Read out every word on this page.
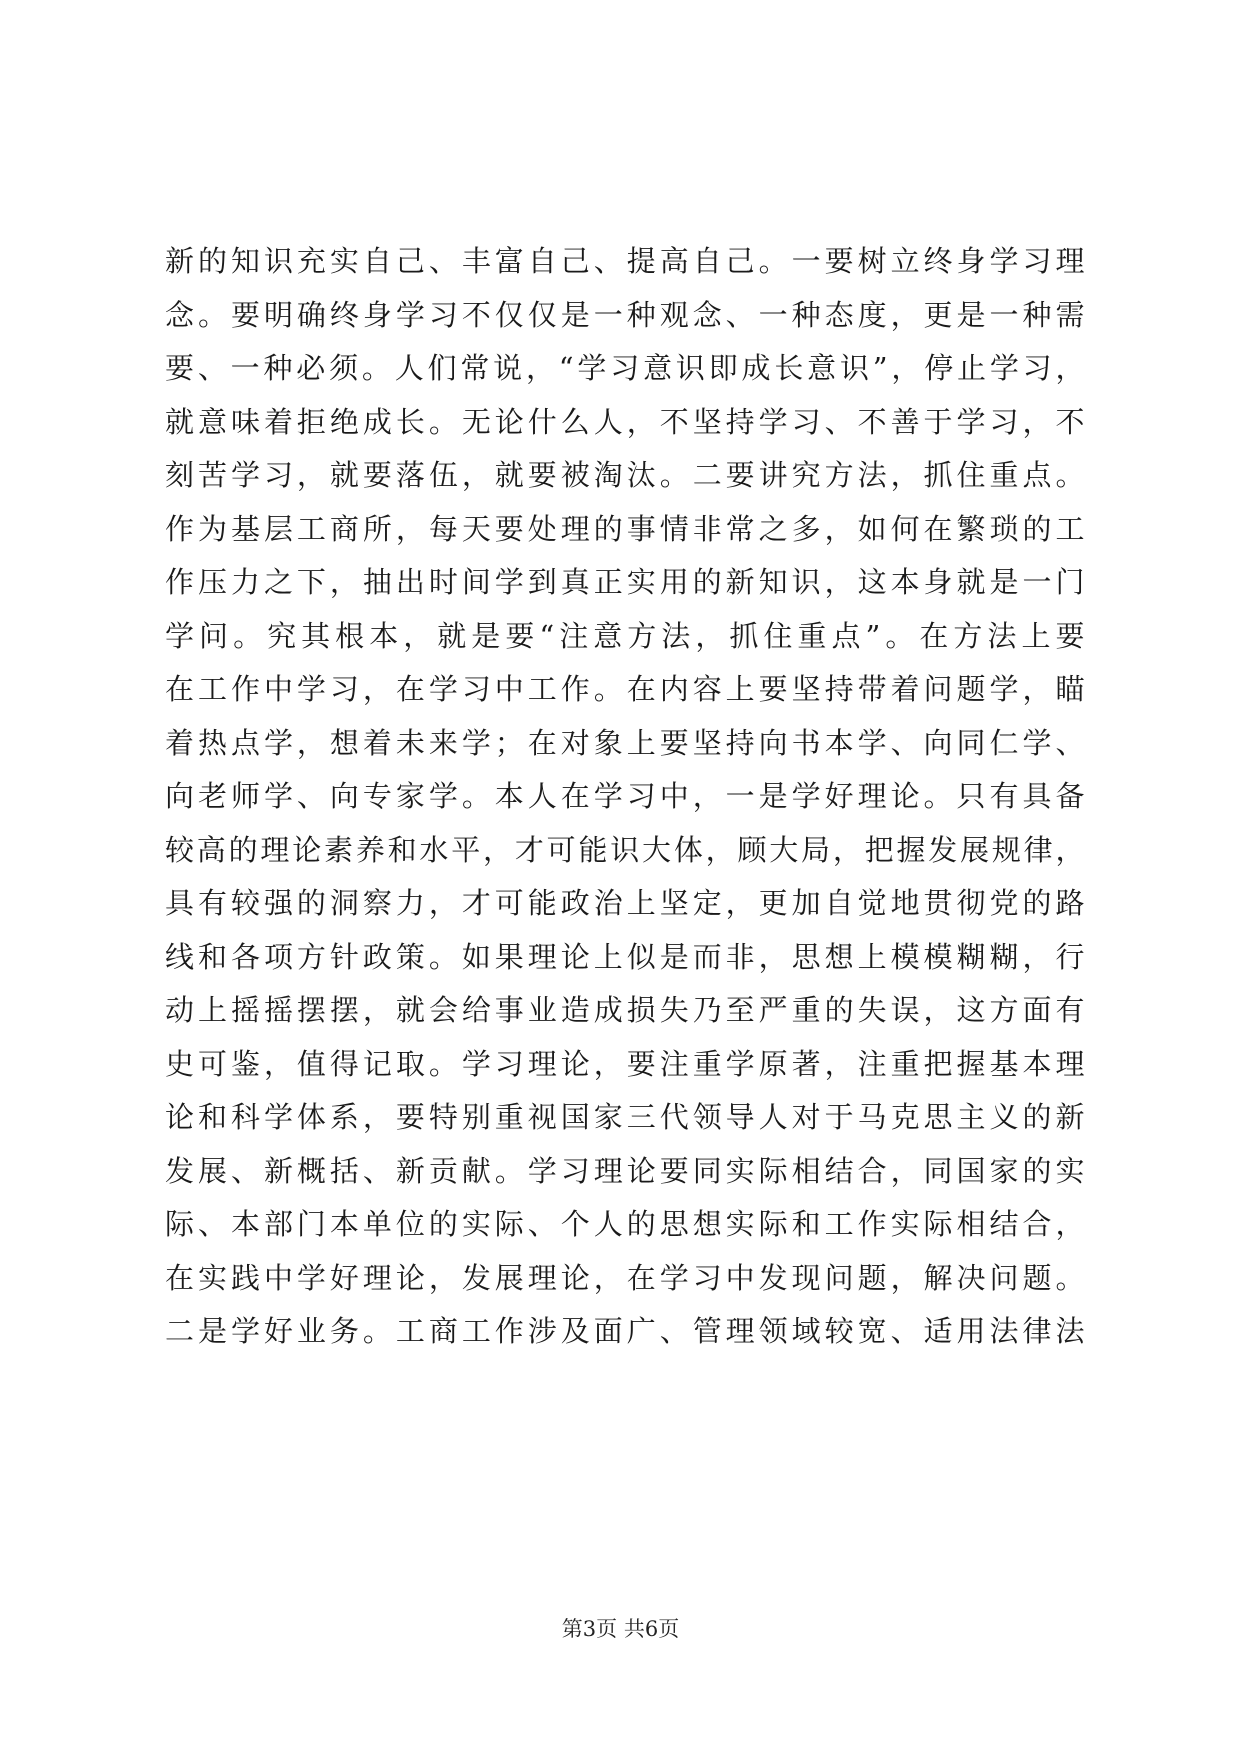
新的知识充实自己、丰富自己、提高自己。一要树立终身学习理
念。要明确终身学习不仅仅是一种观念、一种态度，更是一种需
要、一种必须。人们常说，“学习意识即成长意识”，停止学习，
就意味着拒绝成长。无论什么人，不坚持学习、不善于学习，不
刻苦学习，就要落伍，就要被淘汰。二要讲究方法，抓住重点。
作为基层工商所，每天要处理的事情非常之多，如何在繁琐的工
作压力之下，抽出时间学到真正实用的新知识，这本身就是一门
学问。究其根本，就是要“注意方法，抓住重点”。在方法上要
在工作中学习，在学习中工作。在内容上要坚持带着问题学，瞄
着热点学，想着未来学；在对象上要坚持向书本学、向同仁学、
向老师学、向专家学。本人在学习中，一是学好理论。只有具备
较高的理论素养和水平，才可能识大体，顾大局，把握发展规律，
具有较强的洞察力，才可能政治上坚定，更加自觉地贯彻党的路
线和各项方针政策。如果理论上似是而非，思想上模模糊糊，行
动上摇摇摆摆，就会给事业造成损失乃至严重的失误，这方面有
史可鉴，值得记取。学习理论，要注重学原著，注重把握基本理
论和科学体系，要特别重视国家三代领导人对于马克思主义的新
发展、新概括、新贡献。学习理论要同实际相结合，同国家的实
际、本部门本单位的实际、个人的思想实际和工作实际相结合，
在实践中学好理论，发展理论，在学习中发现问题，解决问题。
二是学好业务。工商工作涉及面广、管理领域较宽、适用法律法
第3页 共6页
